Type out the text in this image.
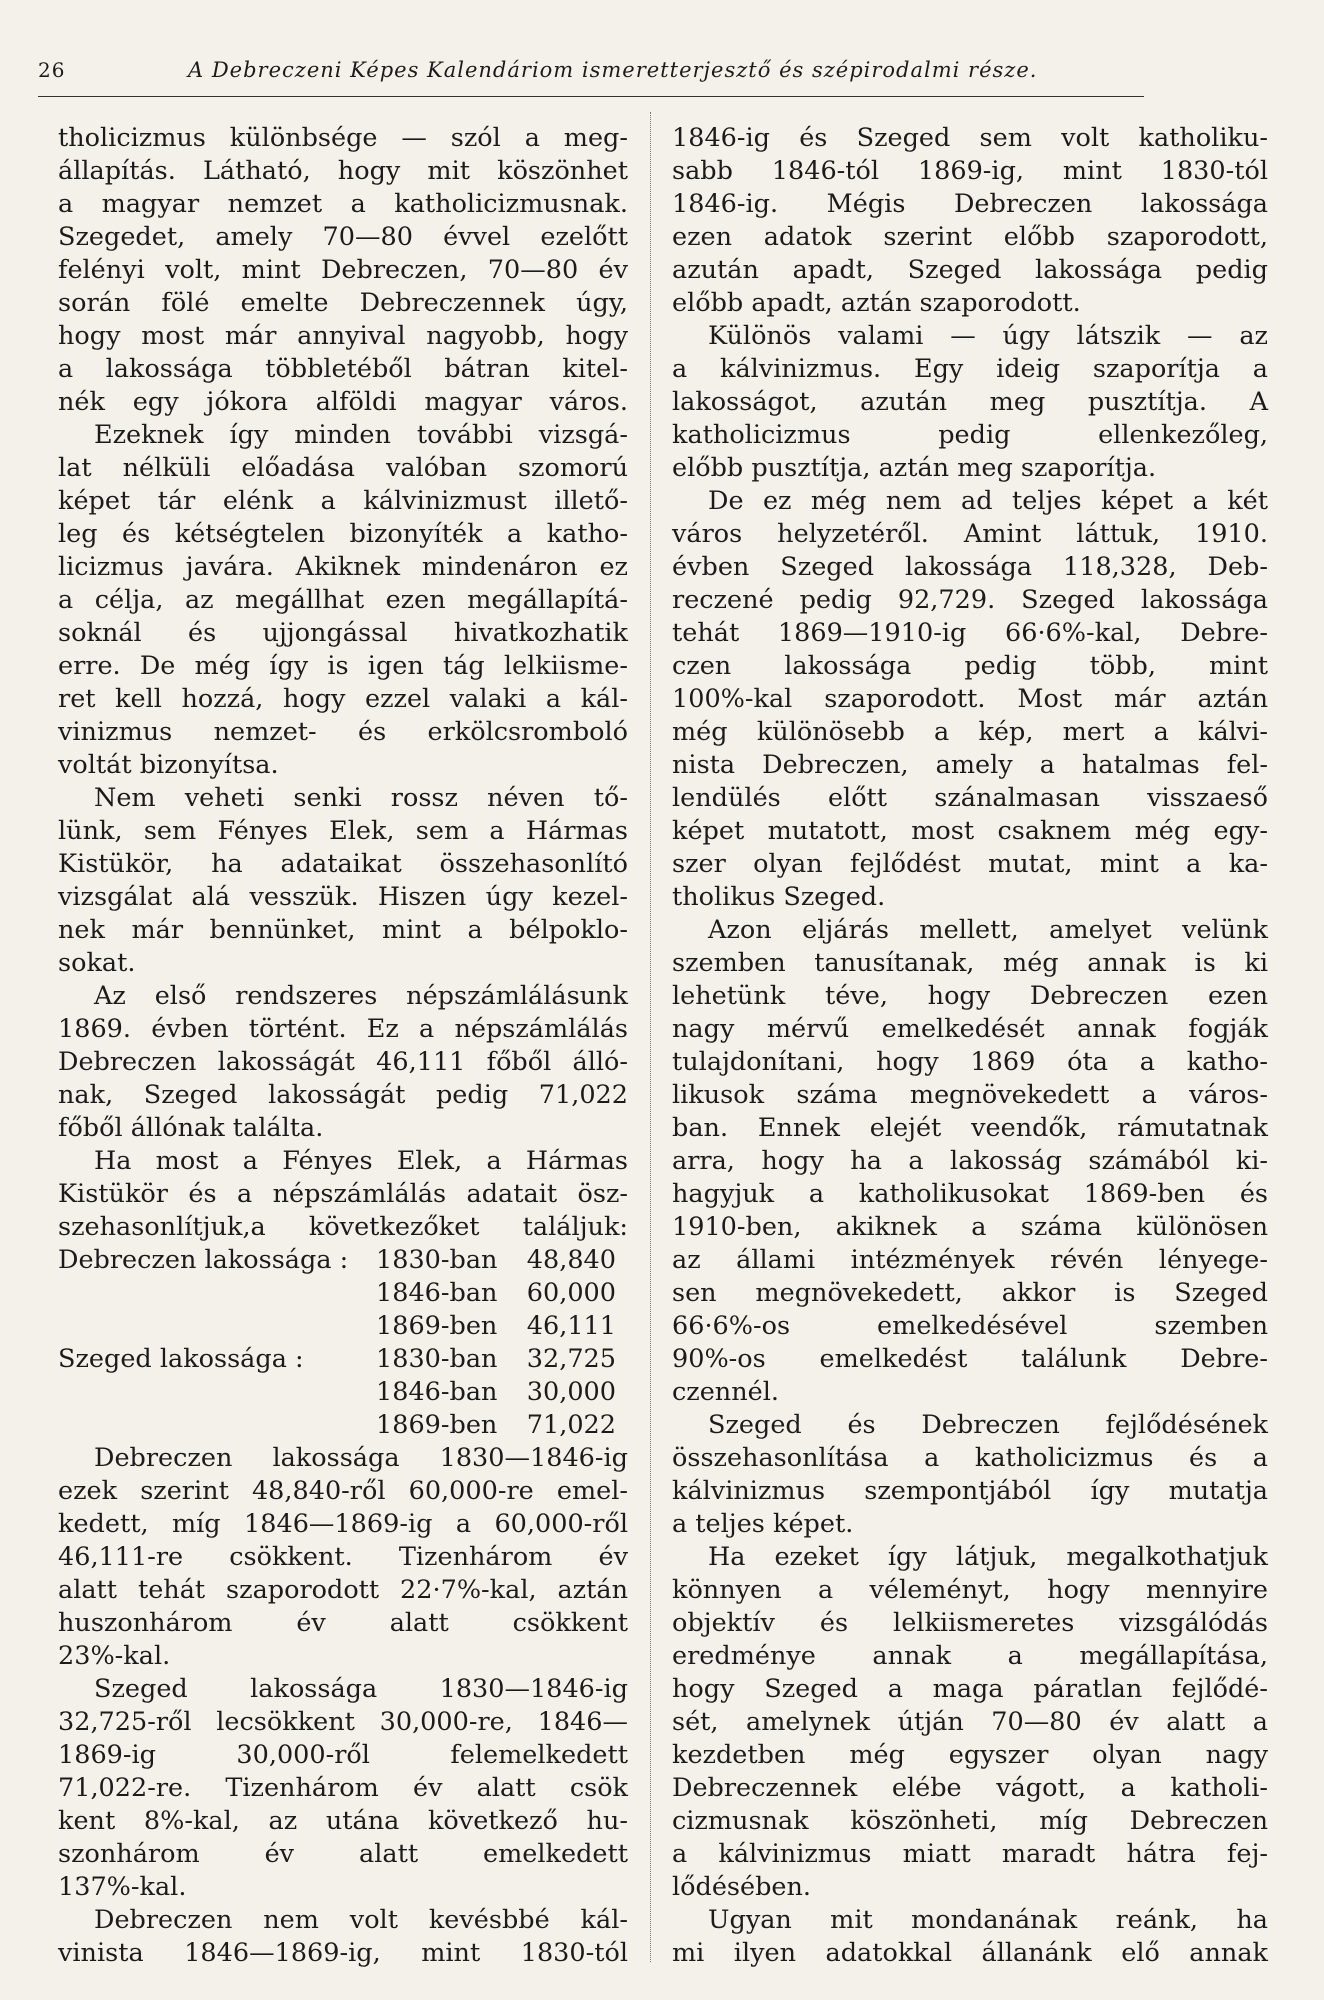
26	A Debreczeni Képes Kalendáriom ismeretterjesztő és szépirodalmi része.
tholicizmus különbsége — szól a meg-
állapítás. Látható, hogy mit köszönhet
a magyar nemzet a katholicizmusnak.
Szegedet, amely 70—80 évvel ezelőtt
felényi volt, mint Debreczen, 70—80 év
során fölé emelte Debreczennek úgy,
hogy most már annyival nagyobb, hogy
a lakossága többletéből bátran kitel-
nék egy jókora alföldi magyar város.
Ezeknek így minden további vizsgá-
lat nélküli előadása valóban szomorú
képet tár elénk a kálvinizmust illető-
leg és kétségtelen bizonyíték a katho-
licizmus javára. Akiknek mindenáron ez
a célja, az megállhat ezen megállapítá-
soknál és ujjongással hivatkozhatik
erre. De még így is igen tág lelkiisme-
ret kell hozzá, hogy ezzel valaki a kál-
vinizmus nemzet- és erkölcsromboló
voltát bizonyítsa.
Nem veheti senki rossz néven tő-
lünk, sem Fényes Elek, sem a Hármas
Kistükör, ha adataikat összehasonlító
vizsgálat alá vesszük. Hiszen úgy kezel-
nek már bennünket, mint a bélpoklo-
sokat.
Az első rendszeres népszámlálásunk
1869. évben történt. Ez a népszámlálás
Debreczen lakosságát 46,111 főből álló-
nak, Szeged lakosságát pedig 71,022
főből állónak találta.
Ha most a Fényes Elek, a Hármas
Kistükör és a népszámlálás adatait ösz-
szehasonlítjuk,a következőket találjuk:
Debreczen lakossága :	1830-ban	48,840
1846-ban	60,000
1869-ben	46,111
Szeged lakossága :	1830-ban	32,725
1846-ban	30,000
1869-ben	71,022
Debreczen lakossága 1830—1846-ig
ezek szerint 48,840-ről 60,000-re emel-
kedett, míg 1846—1869-ig a 60,000-ről
46,111-re csökkent. Tizenhárom év
alatt tehát szaporodott 22·7%-kal, aztán
huszonhárom év alatt csökkent
23%-kal.
Szeged lakossága 1830—1846-ig
32,725-ről lecsökkent 30,000-re, 1846—
1869-ig 30,000-ről felemelkedett
71,022-re. Tizenhárom év alatt csök
kent 8%-kal, az utána következő hu-
szonhárom év alatt emelkedett
137%-kal.
Debreczen nem volt kevésbbé kál-
vinista 1846—1869-ig, mint 1830-tól
1846-ig és Szeged sem volt katholiku-
sabb 1846-tól 1869-ig, mint 1830-tól
1846-ig. Mégis Debreczen lakossága
ezen adatok szerint előbb szaporodott,
azután apadt, Szeged lakossága pedig
előbb apadt, aztán szaporodott.
Különös valami — úgy látszik — az
a kálvinizmus. Egy ideig szaporítja a
lakosságot, azután meg pusztítja. A
katholicizmus pedig ellenkezőleg,
előbb pusztítja, aztán meg szaporítja.
De ez még nem ad teljes képet a két
város helyzetéről. Amint láttuk, 1910.
évben Szeged lakossága 118,328, Deb-
reczené pedig 92,729. Szeged lakossága
tehát 1869—1910-ig 66·6%-kal, Debre-
czen lakossága pedig több, mint
100%-kal szaporodott. Most már aztán
még különösebb a kép, mert a kálvi-
nista Debreczen, amely a hatalmas fel-
lendülés előtt szánalmasan visszaeső
képet mutatott, most csaknem még egy-
szer olyan fejlődést mutat, mint a ka-
tholikus Szeged.
Azon eljárás mellett, amelyet velünk
szemben tanusítanak, még annak is ki
lehetünk téve, hogy Debreczen ezen
nagy mérvű emelkedését annak fogják
tulajdonítani, hogy 1869 óta a katho-
likusok száma megnövekedett a város-
ban. Ennek elejét veendők, rámutatnak
arra, hogy ha a lakosság számából ki-
hagyjuk a katholikusokat 1869-ben és
1910-ben, akiknek a száma különösen
az állami intézmények révén lényege-
sen megnövekedett, akkor is Szeged
66·6%-os emelkedésével szemben
90%-os emelkedést találunk Debre-
czennél.
Szeged és Debreczen fejlődésének
összehasonlítása a katholicizmus és a
kálvinizmus szempontjából így mutatja
a teljes képet.
Ha ezeket így látjuk, megalkothatjuk
könnyen a véleményt, hogy mennyire
objektív és lelkiismeretes vizsgálódás
eredménye annak a megállapítása,
hogy Szeged a maga páratlan fejlődé-
sét, amelynek útján 70—80 év alatt a
kezdetben még egyszer olyan nagy
Debreczennek elébe vágott, a katholi-
cizmusnak köszönheti, míg Debreczen
a kálvinizmus miatt maradt hátra fej-
lődésében.
Ugyan mit mondanának reánk, ha
mi ilyen adatokkal állanánk elő annak
